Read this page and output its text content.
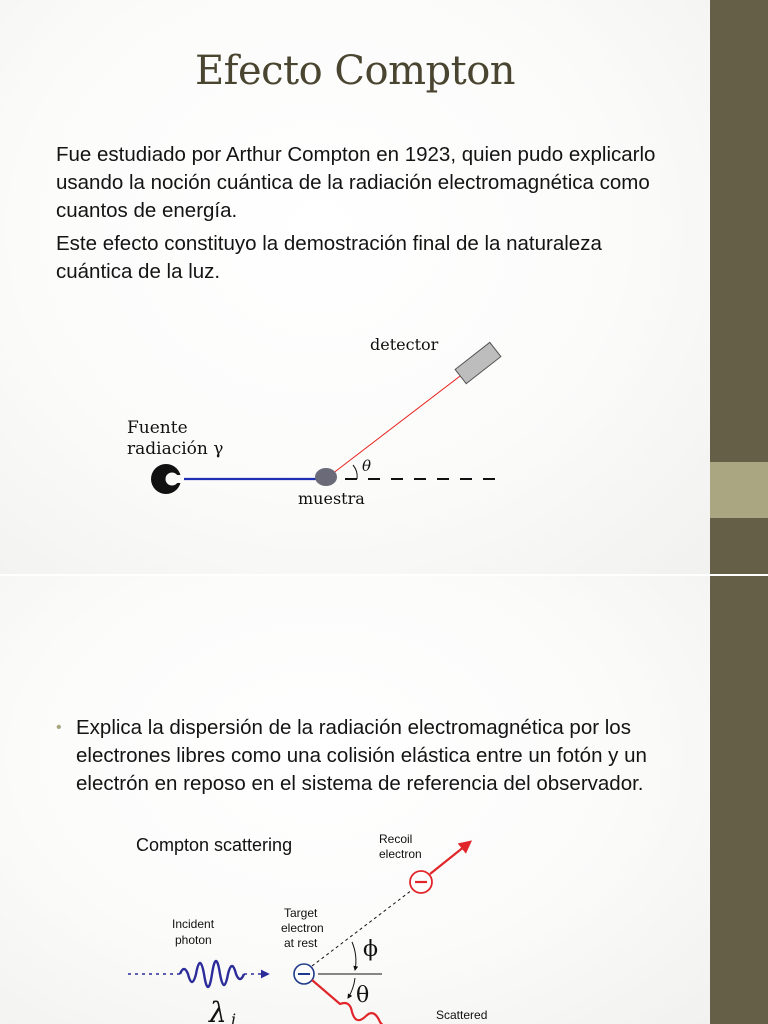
Efecto Compton
Fue estudiado por Arthur Compton en 1923, quien pudo explicarlo usando la noción cuántica de la radiación electromagnética como cuantos de energía.
Este efecto constituyo la demostración final de la naturaleza cuántica de la luz.
detector
Fuente
radiación γ
muestra
θ
• Explica la dispersión de la radiación electromagnética por los electrones libres como una colisión elástica entre un fotón y un electrón en reposo en el sistema de referencia del observador.
Compton scattering	Recoil
electron
Incident
photon
Target
electron
at rest ϕ
θ
λ i	Scattered
